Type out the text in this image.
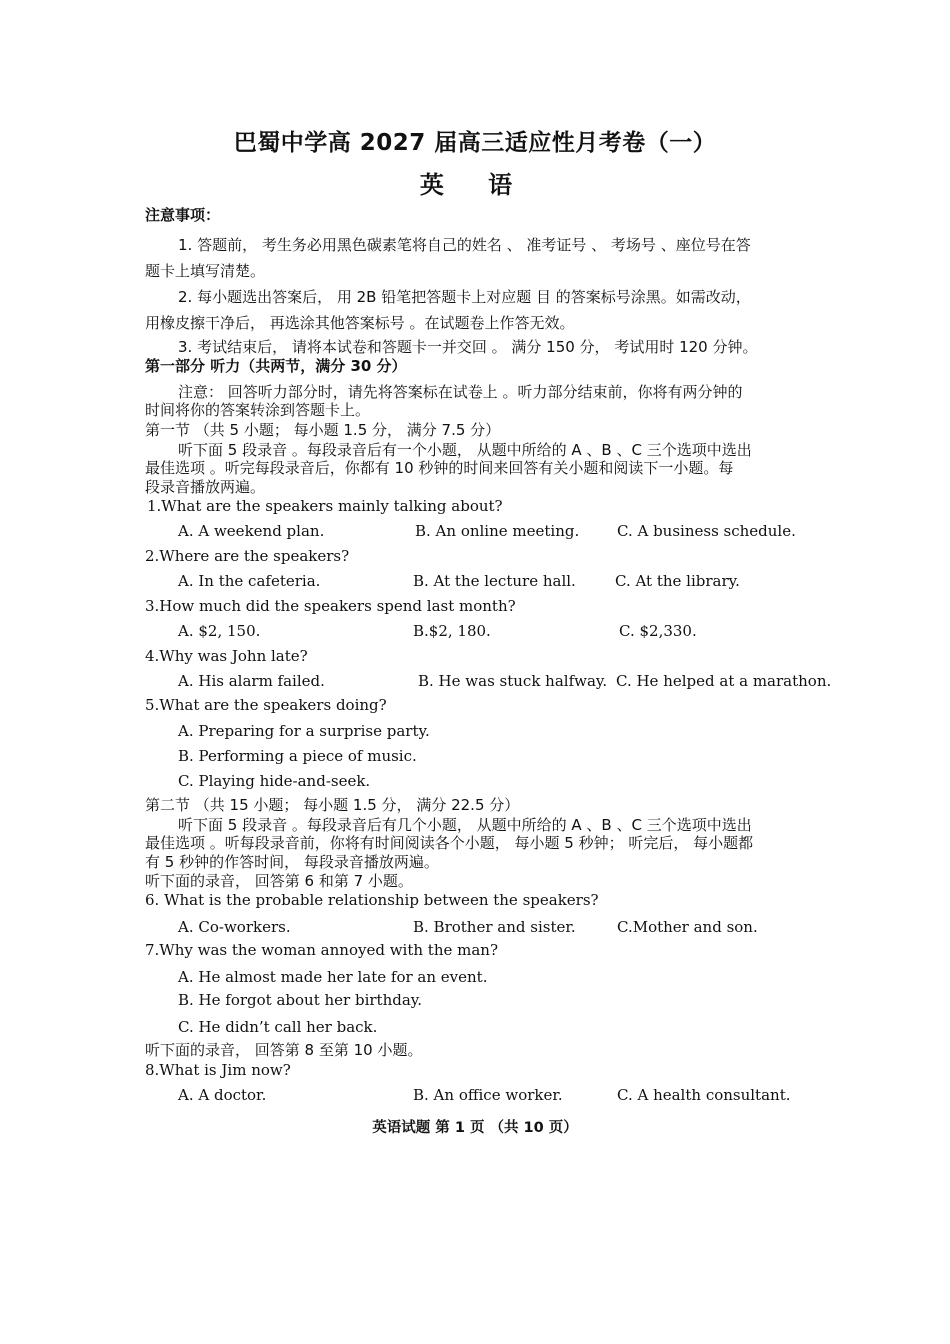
巴蜀中学高 2027 届高三适应性月考卷（一）
英 语
注意事项：
1. 答题前， 考生务必用黑色碳素笔将自己的姓名 、 准考证号 、 考场号 、座位号在答
题卡上填写清楚。
2. 每小题选出答案后， 用 2B 铅笔把答题卡上对应题 目 的答案标号涂黑。如需改动，
用橡皮擦干净后， 再选涂其他答案标号 。在试题卷上作答无效。
3. 考试结束后， 请将本试卷和答题卡一并交回 。 满分 150 分， 考试用时 120 分钟。
第一部分 听力（共两节，满分 30 分）
注意： 回答听力部分时，请先将答案标在试卷上 。听力部分结束前，你将有两分钟的
时间将你的答案转涂到答题卡上。
第一节 （共 5 小题； 每小题 1.5 分， 满分 7.5 分）
听下面 5 段录音 。每段录音后有一个小题， 从题中所给的 A 、B 、C 三个选项中选出
最佳选项 。听完每段录音后，你都有 10 秒钟的时间来回答有关小题和阅读下一小题。每
段录音播放两遍。
1.What are the speakers mainly talking about?
A. A weekend plan.	B. An online meeting.	C. A business schedule.
2.Where are the speakers?
A. In the cafeteria.	B. At the lecture hall.	C. At the library.
3.How much did the speakers spend last month?
A. $2, 150.	B.$2, 180.	C. $2,330.
4.Why was John late?
A. His alarm failed.	B. He was stuck halfway. C. He helped at a marathon.
5.What are the speakers doing?
A. Preparing for a surprise party.
B. Performing a piece of music.
C. Playing hide-and-seek.
第二节 （共 15 小题； 每小题 1.5 分， 满分 22.5 分）
听下面 5 段录音 。每段录音后有几个小题， 从题中所给的 A 、B 、C 三个选项中选出
最佳选项 。听每段录音前，你将有时间阅读各个小题， 每小题 5 秒钟； 听完后， 每小题都
有 5 秒钟的作答时间， 每段录音播放两遍。
听下面的录音， 回答第 6 和第 7 小题。
6. What is the probable relationship between the speakers?
A. Co-workers.	B. Brother and sister.	C.Mother and son.
7.Why was the woman annoyed with the man?
A. He almost made her late for an event.
B. He forgot about her birthday.
C. He didn’t call her back.
听下面的录音， 回答第 8 至第 10 小题。
8.What is Jim now?
A. A doctor.	B. An office worker.	C. A health consultant.
英语试题 第 1 页 （共 10 页）
